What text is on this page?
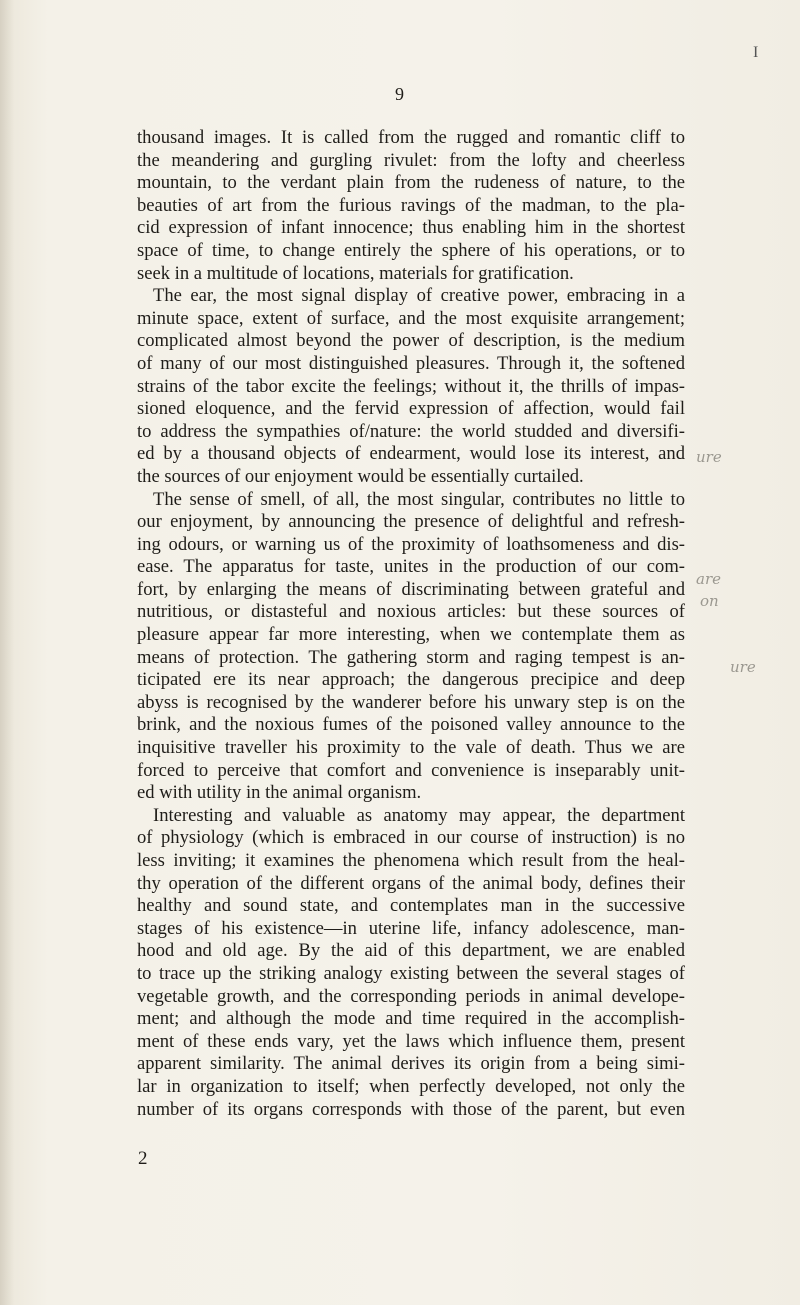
I
9
thousand images. It is called from the rugged and romantic cliff to
the meandering and gurgling rivulet: from the lofty and cheerless
mountain, to the verdant plain from the rudeness of nature, to the
beauties of art from the furious ravings of the madman, to the pla-
cid expression of infant innocence; thus enabling him in the shortest
space of time, to change entirely the sphere of his operations, or to
seek in a multitude of locations, materials for gratification.
The ear, the most signal display of creative power, embracing in a
minute space, extent of surface, and the most exquisite arrangement;
complicated almost beyond the power of description, is the medium
of many of our most distinguished pleasures. Through it, the softened
strains of the tabor excite the feelings; without it, the thrills of impas-
sioned eloquence, and the fervid expression of affection, would fail
to address the sympathies of/nature: the world studded and diversifi-
ed by a thousand objects of endearment, would lose its interest, and
the sources of our enjoyment would be essentially curtailed.
The sense of smell, of all, the most singular, contributes no little to
our enjoyment, by announcing the presence of delightful and refresh-
ing odours, or warning us of the proximity of loathsomeness and dis-
ease. The apparatus for taste, unites in the production of our com-
fort, by enlarging the means of discriminating between grateful and
nutritious, or distasteful and noxious articles: but these sources of
pleasure appear far more interesting, when we contemplate them as
means of protection. The gathering storm and raging tempest is an-
ticipated ere its near approach; the dangerous precipice and deep
abyss is recognised by the wanderer before his unwary step is on the
brink, and the noxious fumes of the poisoned valley announce to the
inquisitive traveller his proximity to the vale of death. Thus we are
forced to perceive that comfort and convenience is inseparably unit-
ed with utility in the animal organism.
Interesting and valuable as anatomy may appear, the department
of physiology (which is embraced in our course of instruction) is no
less inviting; it examines the phenomena which result from the heal-
thy operation of the different organs of the animal body, defines their
healthy and sound state, and contemplates man in the successive
stages of his existence—in uterine life, infancy adolescence, man-
hood and old age. By the aid of this department, we are enabled
to trace up the striking analogy existing between the several stages of
vegetable growth, and the corresponding periods in animal develope-
ment; and although the mode and time required in the accomplish-
ment of these ends vary, yet the laws which influence them, present
apparent similarity. The animal derives its origin from a being simi-
lar in organization to itself; when perfectly developed, not only the
number of its organs corresponds with those of the parent, but even
2
ure
are
on
ure
